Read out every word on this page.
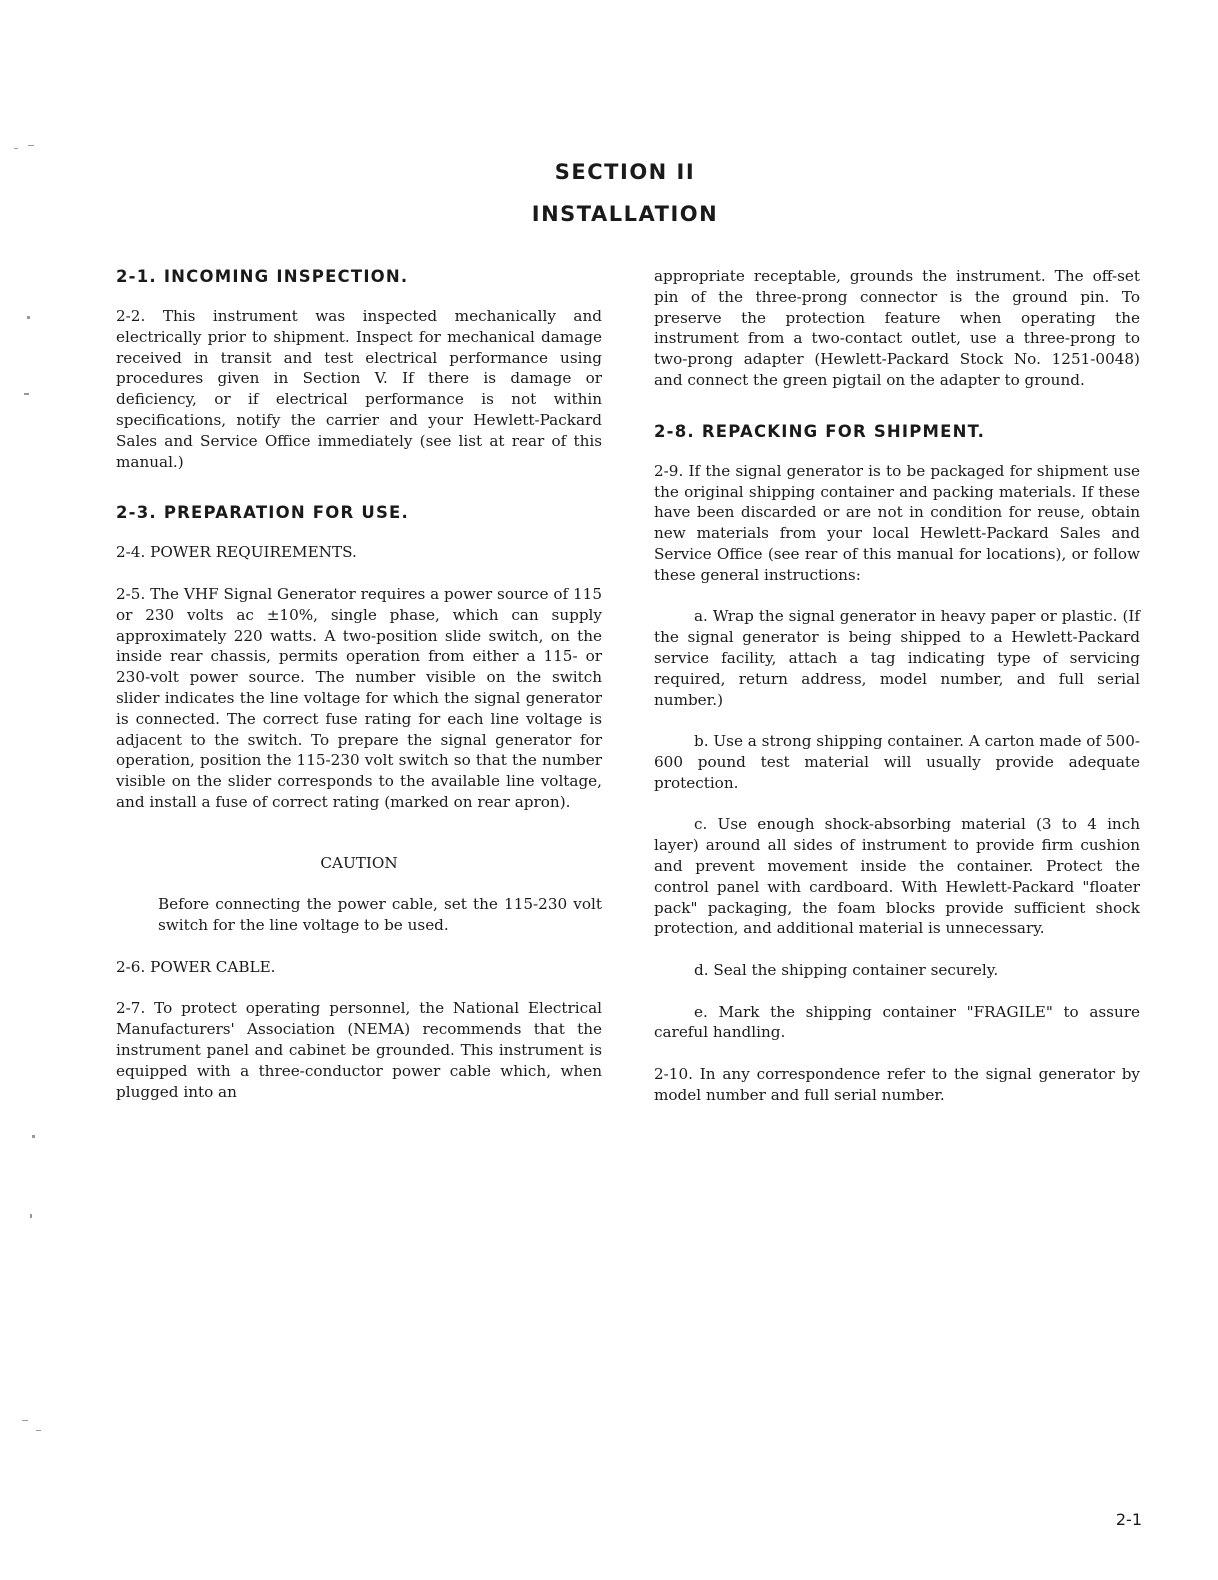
SECTION II
INSTALLATION
2-1. INCOMING INSPECTION.

2-2. This instrument was inspected mechanically and electrically prior to shipment. Inspect for mechanical damage received in transit and test electrical performance using procedures given in Section V. If there is damage or deficiency, or if electrical performance is not within specifications, notify the carrier and your Hewlett-Packard Sales and Service Office immediately (see list at rear of this manual.)

2-3. PREPARATION FOR USE.
2-4. POWER REQUIREMENTS.

2-5. The VHF Signal Generator requires a power source of 115 or 230 volts ac ±10%, single phase, which can supply approximately 220 watts. A two-position slide switch, on the inside rear chassis, permits operation from either a 115- or 230-volt power source. The number visible on the switch slider indicates the line voltage for which the signal generator is connected. The correct fuse rating for each line voltage is adjacent to the switch. To prepare the signal generator for operation, position the 115-230 volt switch so that the number visible on the slider corresponds to the available line voltage, and install a fuse of correct rating (marked on rear apron).

CAUTION

Before connecting the power cable, set the 115-230 volt switch for the line voltage to be used.

2-6. POWER CABLE.

2-7. To protect operating personnel, the National Electrical Manufacturers' Association (NEMA) recommends that the instrument panel and cabinet be grounded. This instrument is equipped with a three-conductor power cable which, when plugged into an

appropriate receptable, grounds the instrument. The off-set pin of the three-prong connector is the ground pin. To preserve the protection feature when operating the instrument from a two-contact outlet, use a three-prong to two-prong adapter (Hewlett-Packard Stock No. 1251-0048) and connect the green pigtail on the adapter to ground.

2-8. REPACKING FOR SHIPMENT.

2-9. If the signal generator is to be packaged for shipment use the original shipping container and packing materials. If these have been discarded or are not in condition for reuse, obtain new materials from your local Hewlett-Packard Sales and Service Office (see rear of this manual for locations), or follow these general instructions:

a. Wrap the signal generator in heavy paper or plastic. (If the signal generator is being shipped to a Hewlett-Packard service facility, attach a tag indicating type of servicing required, return address, model number, and full serial number.)

b. Use a strong shipping container. A carton made of 500-600 pound test material will usually provide adequate protection.

c. Use enough shock-absorbing material (3 to 4 inch layer) around all sides of instrument to provide firm cushion and prevent movement inside the container. Protect the control panel with cardboard. With Hewlett-Packard "floater pack" packaging, the foam blocks provide sufficient shock protection, and additional material is unnecessary.

d. Seal the shipping container securely.

e. Mark the shipping container "FRAGILE" to assure careful handling.

2-10. In any correspondence refer to the signal generator by model number and full serial number.

2-1
